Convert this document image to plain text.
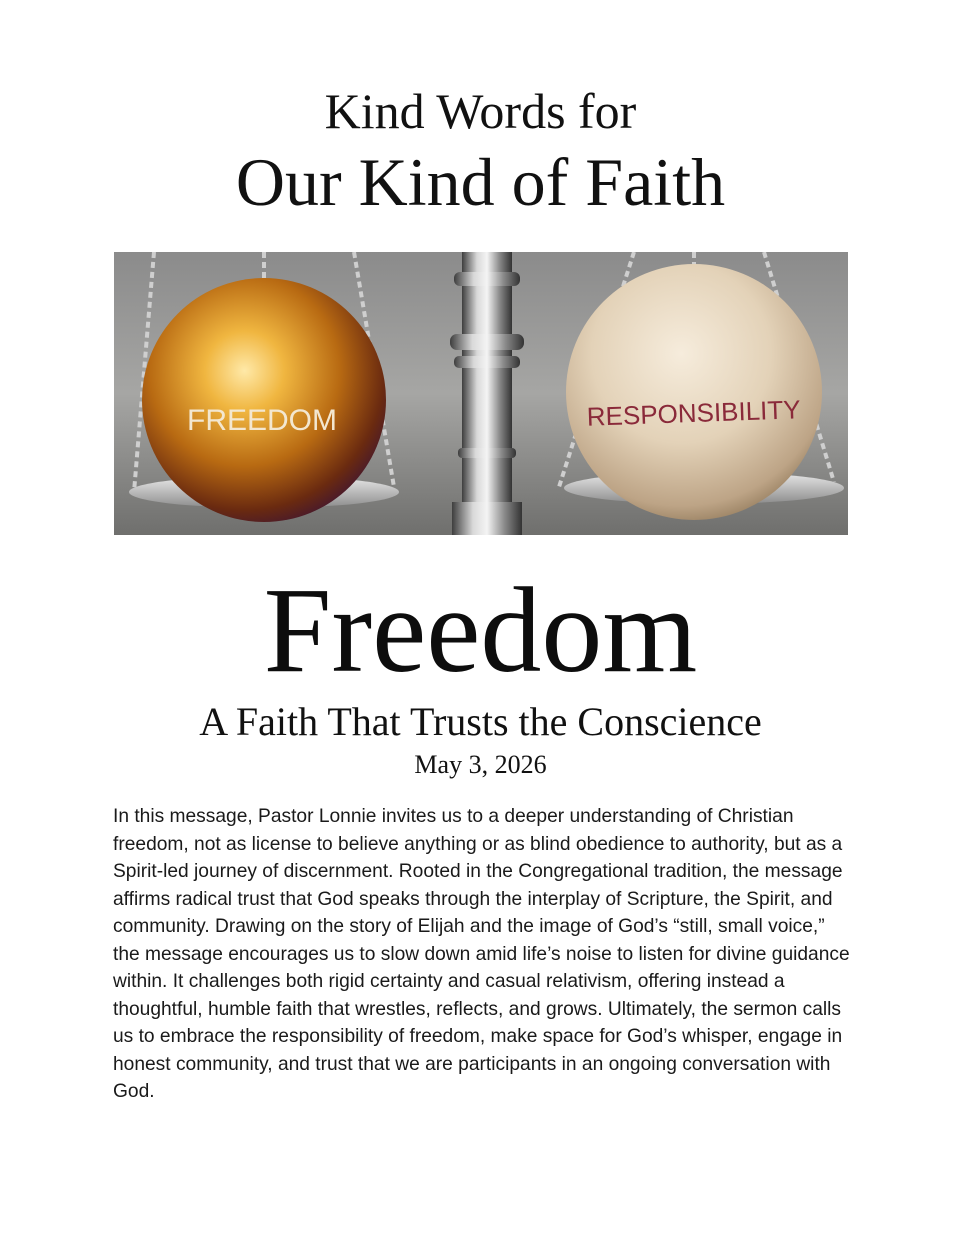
Kind Words for
Our Kind of Faith
FREEDOM	RESPONSIBILITY
Freedom
A Faith That Trusts the Conscience
May 3, 2026

In this message, Pastor Lonnie invites us to a deeper understanding of Christian freedom, not as license to believe anything or as blind obedience to authority, but as a Spirit-led journey of discernment. Rooted in the Congregational tradition, the message affirms radical trust that God speaks through the interplay of Scripture, the Spirit, and community. Drawing on the story of Elijah and the image of God’s “still, small voice,” the message encourages us to slow down amid life’s noise to listen for divine guidance within. It challenges both rigid certainty and casual relativism, offering instead a thoughtful, humble faith that wrestles, reflects, and grows. Ultimately, the sermon calls us to embrace the responsibility of freedom, make space for God’s whisper, engage in honest community, and trust that we are participants in an ongoing conversation with God.
